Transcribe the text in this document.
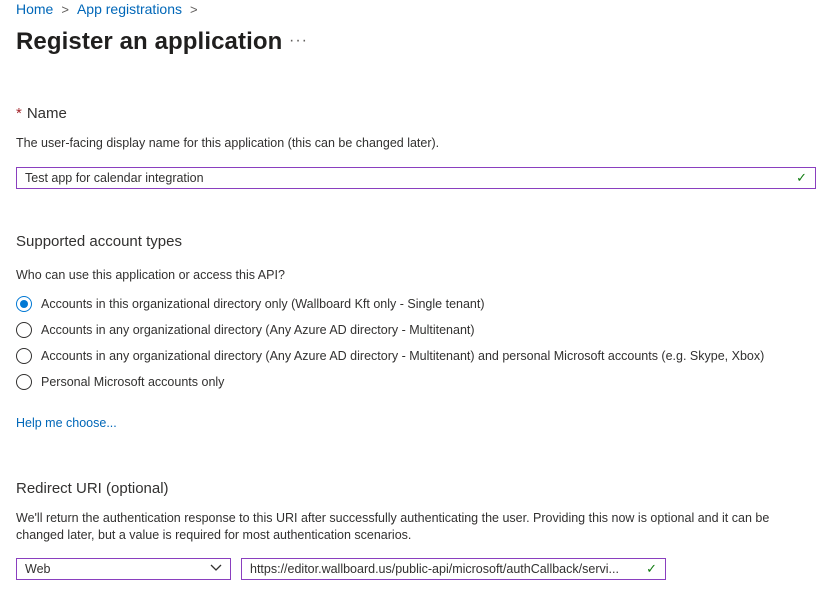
Home > App registrations >
Register an application ···
* Name
The user-facing display name for this application (this can be changed later).
Test app for calendar integration	✓
Supported account types
Who can use this application or access this API?
Accounts in this organizational directory only (Wallboard Kft only - Single tenant)
Accounts in any organizational directory (Any Azure AD directory - Multitenant)
Accounts in any organizational directory (Any Azure AD directory - Multitenant) and personal Microsoft accounts (e.g. Skype, Xbox)
Personal Microsoft accounts only
Help me choose...
Redirect URI (optional)
We'll return the authentication response to this URI after successfully authenticating the user. Providing this now is optional and it can be
changed later, but a value is required for most authentication scenarios.
Web	https://editor.wallboard.us/public-api/microsoft/authCallback/servi...	✓
